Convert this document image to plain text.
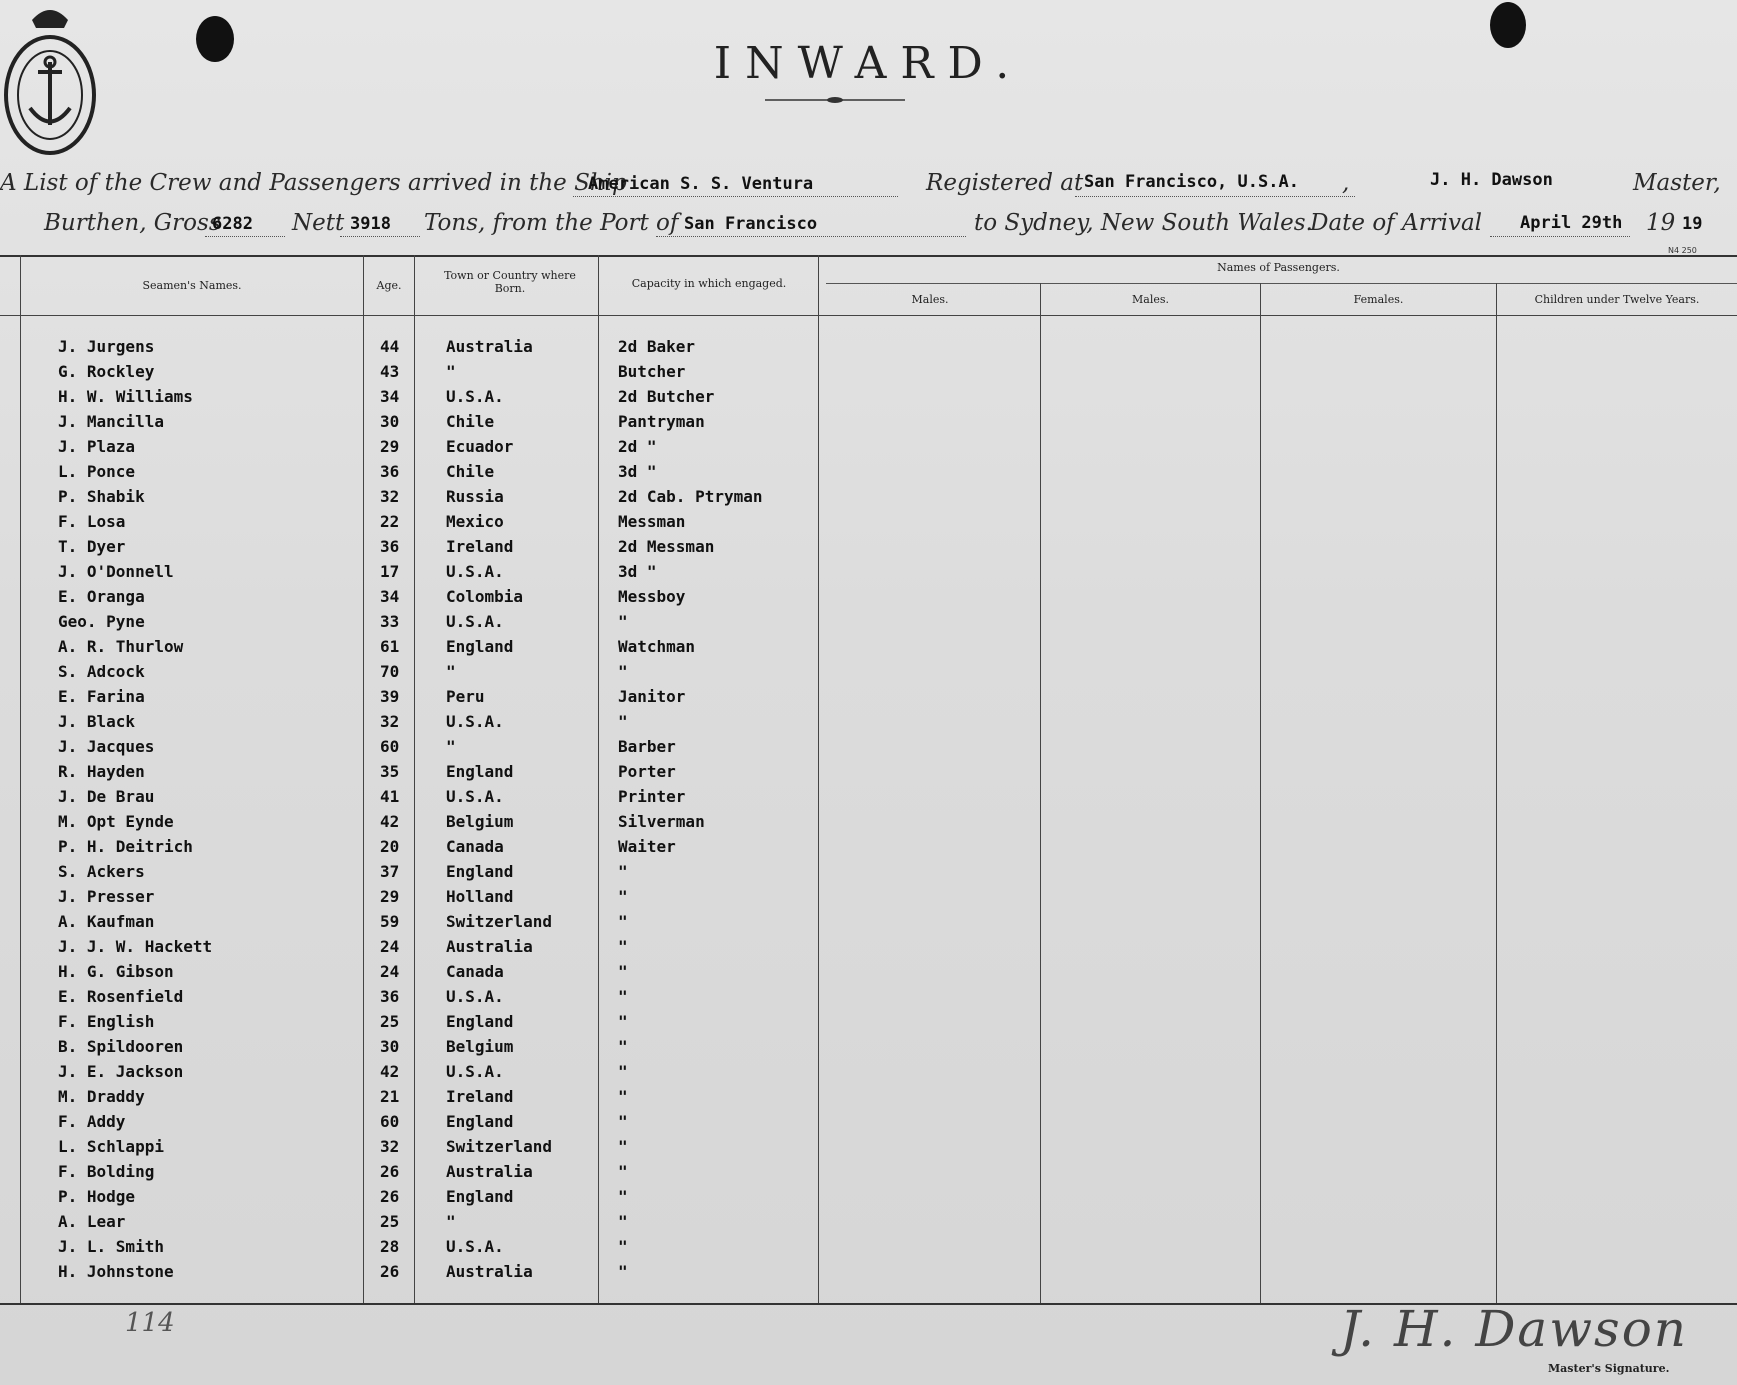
INWARD.
A List of the Crew and Passengers arrived in the Ship
American S. S. Ventura	Registered at San Francisco, U.S.A. ,	J. H. Dawson	Master,
Burthen, Gross
6282 Nett 3918 Tons, from the Port of San Francisco	to Sydney, New South Wales.
Date of Arrival April 29th 19 19
N4 250
Seamen's Names.	Age.
Town or Country where Born.	Capacity in which engaged.
Names of Passengers.
Males.	Males.	Females.	Children under Twelve Years.
J. Jurgens	44	Australia	2d Baker
G. Rockley	43	"	Butcher
H. W. Williams	34	U.S.A.	2d Butcher
J. Mancilla	30	Chile	Pantryman
J. Plaza	29	Ecuador	2d "
L. Ponce	36	Chile	3d "
P. Shabik	32	Russia	2d Cab. Ptryman
F. Losa	22	Mexico	Messman
T. Dyer	36	Ireland	2d Messman
J. O'Donnell	17	U.S.A.	3d "
E. Oranga	34	Colombia	Messboy
Geo. Pyne	33	U.S.A.	"
A. R. Thurlow	61	England	Watchman
S. Adcock	70	"	"
E. Farina	39	Peru	Janitor
J. Black	32	U.S.A.	"
J. Jacques	60	"	Barber
R. Hayden	35	England	Porter
J. De Brau	41	U.S.A.	Printer
M. Opt Eynde	42	Belgium	Silverman
P. H. Deitrich	20	Canada	Waiter
S. Ackers	37	England	"
J. Presser	29	Holland	"
A. Kaufman	59	Switzerland	"
J. J. W. Hackett	24	Australia	"
H. G. Gibson	24	Canada	"
E. Rosenfield	36	U.S.A.	"
F. English	25	England	"
B. Spildooren	30	Belgium	"
J. E. Jackson	42	U.S.A.	"
M. Draddy	21	Ireland	"
F. Addy	60	England	"
L. Schlappi	32	Switzerland	"
F. Bolding	26	Australia	"
P. Hodge	26	England	"
A. Lear	25	"	"
J. L. Smith	28	U.S.A.	"
H. Johnstone	26	Australia	"
114	J. H. Dawson
Master's Signature.
